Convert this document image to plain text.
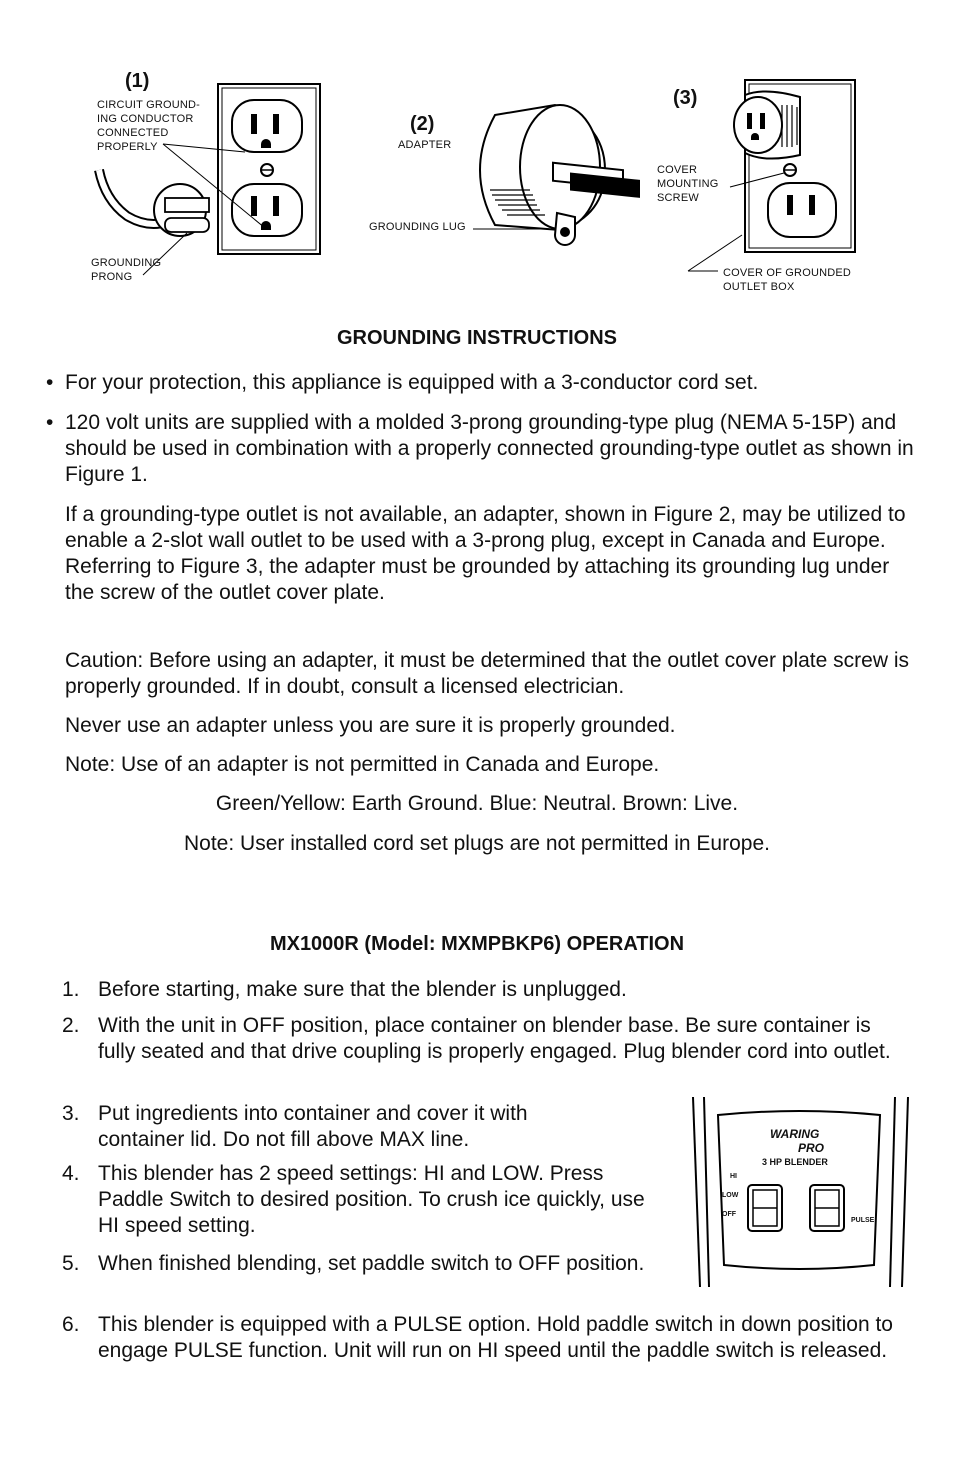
(1)
CIRCUIT GROUND-
ING CONDUCTOR
CONNECTED
PROPERLY
GROUNDING
PRONG
(2)
ADAPTER
GROUNDING LUG
(3)
COVER
MOUNTING
SCREW
COVER OF GROUNDED
OUTLET BOX
GROUNDING INSTRUCTIONS
• For your protection, this appliance is equipped with a 3-conductor cord set.
• 120 volt units are supplied with a molded 3-prong grounding-type plug (NEMA 5-15P) and should be used in combination with a properly connected grounding-type outlet as shown in Figure 1.
If a grounding-type outlet is not available, an adapter, shown in Figure 2, may be utilized to enable a 2-slot wall outlet to be used with a 3-prong plug, except in Canada and Europe. Referring to Figure 3, the adapter must be grounded by attaching its grounding lug under the screw of the outlet cover plate.
Caution: Before using an adapter, it must be determined that the outlet cover plate screw is properly grounded. If in doubt, consult a licensed electrician.
Never use an adapter unless you are sure it is properly grounded.
Note: Use of an adapter is not permitted in Canada and Europe.
Green/Yellow: Earth Ground. Blue: Neutral. Brown: Live.
Note: User installed cord set plugs are not permitted in Europe.
MX1000R (Model: MXMPBKP6) OPERATION
1. Before starting, make sure that the blender is unplugged.
2. With the unit in OFF position, place container on blender base. Be sure container is fully seated and that drive coupling is properly engaged. Plug blender cord into outlet.
3. Put ingredients into container and cover it with container lid. Do not fill above MAX line.
4. This blender has 2 speed settings: HI and LOW. Press Paddle Switch to desired position. To crush ice quickly, use HI speed setting.
5. When finished blending, set paddle switch to OFF position.
6. This blender is equipped with a PULSE option. Hold paddle switch in down position to engage PULSE function. Unit will run on HI speed until the paddle switch is released.
WARING
PRO
3 HP BLENDER
HI
LOW
OFF
PULSE
